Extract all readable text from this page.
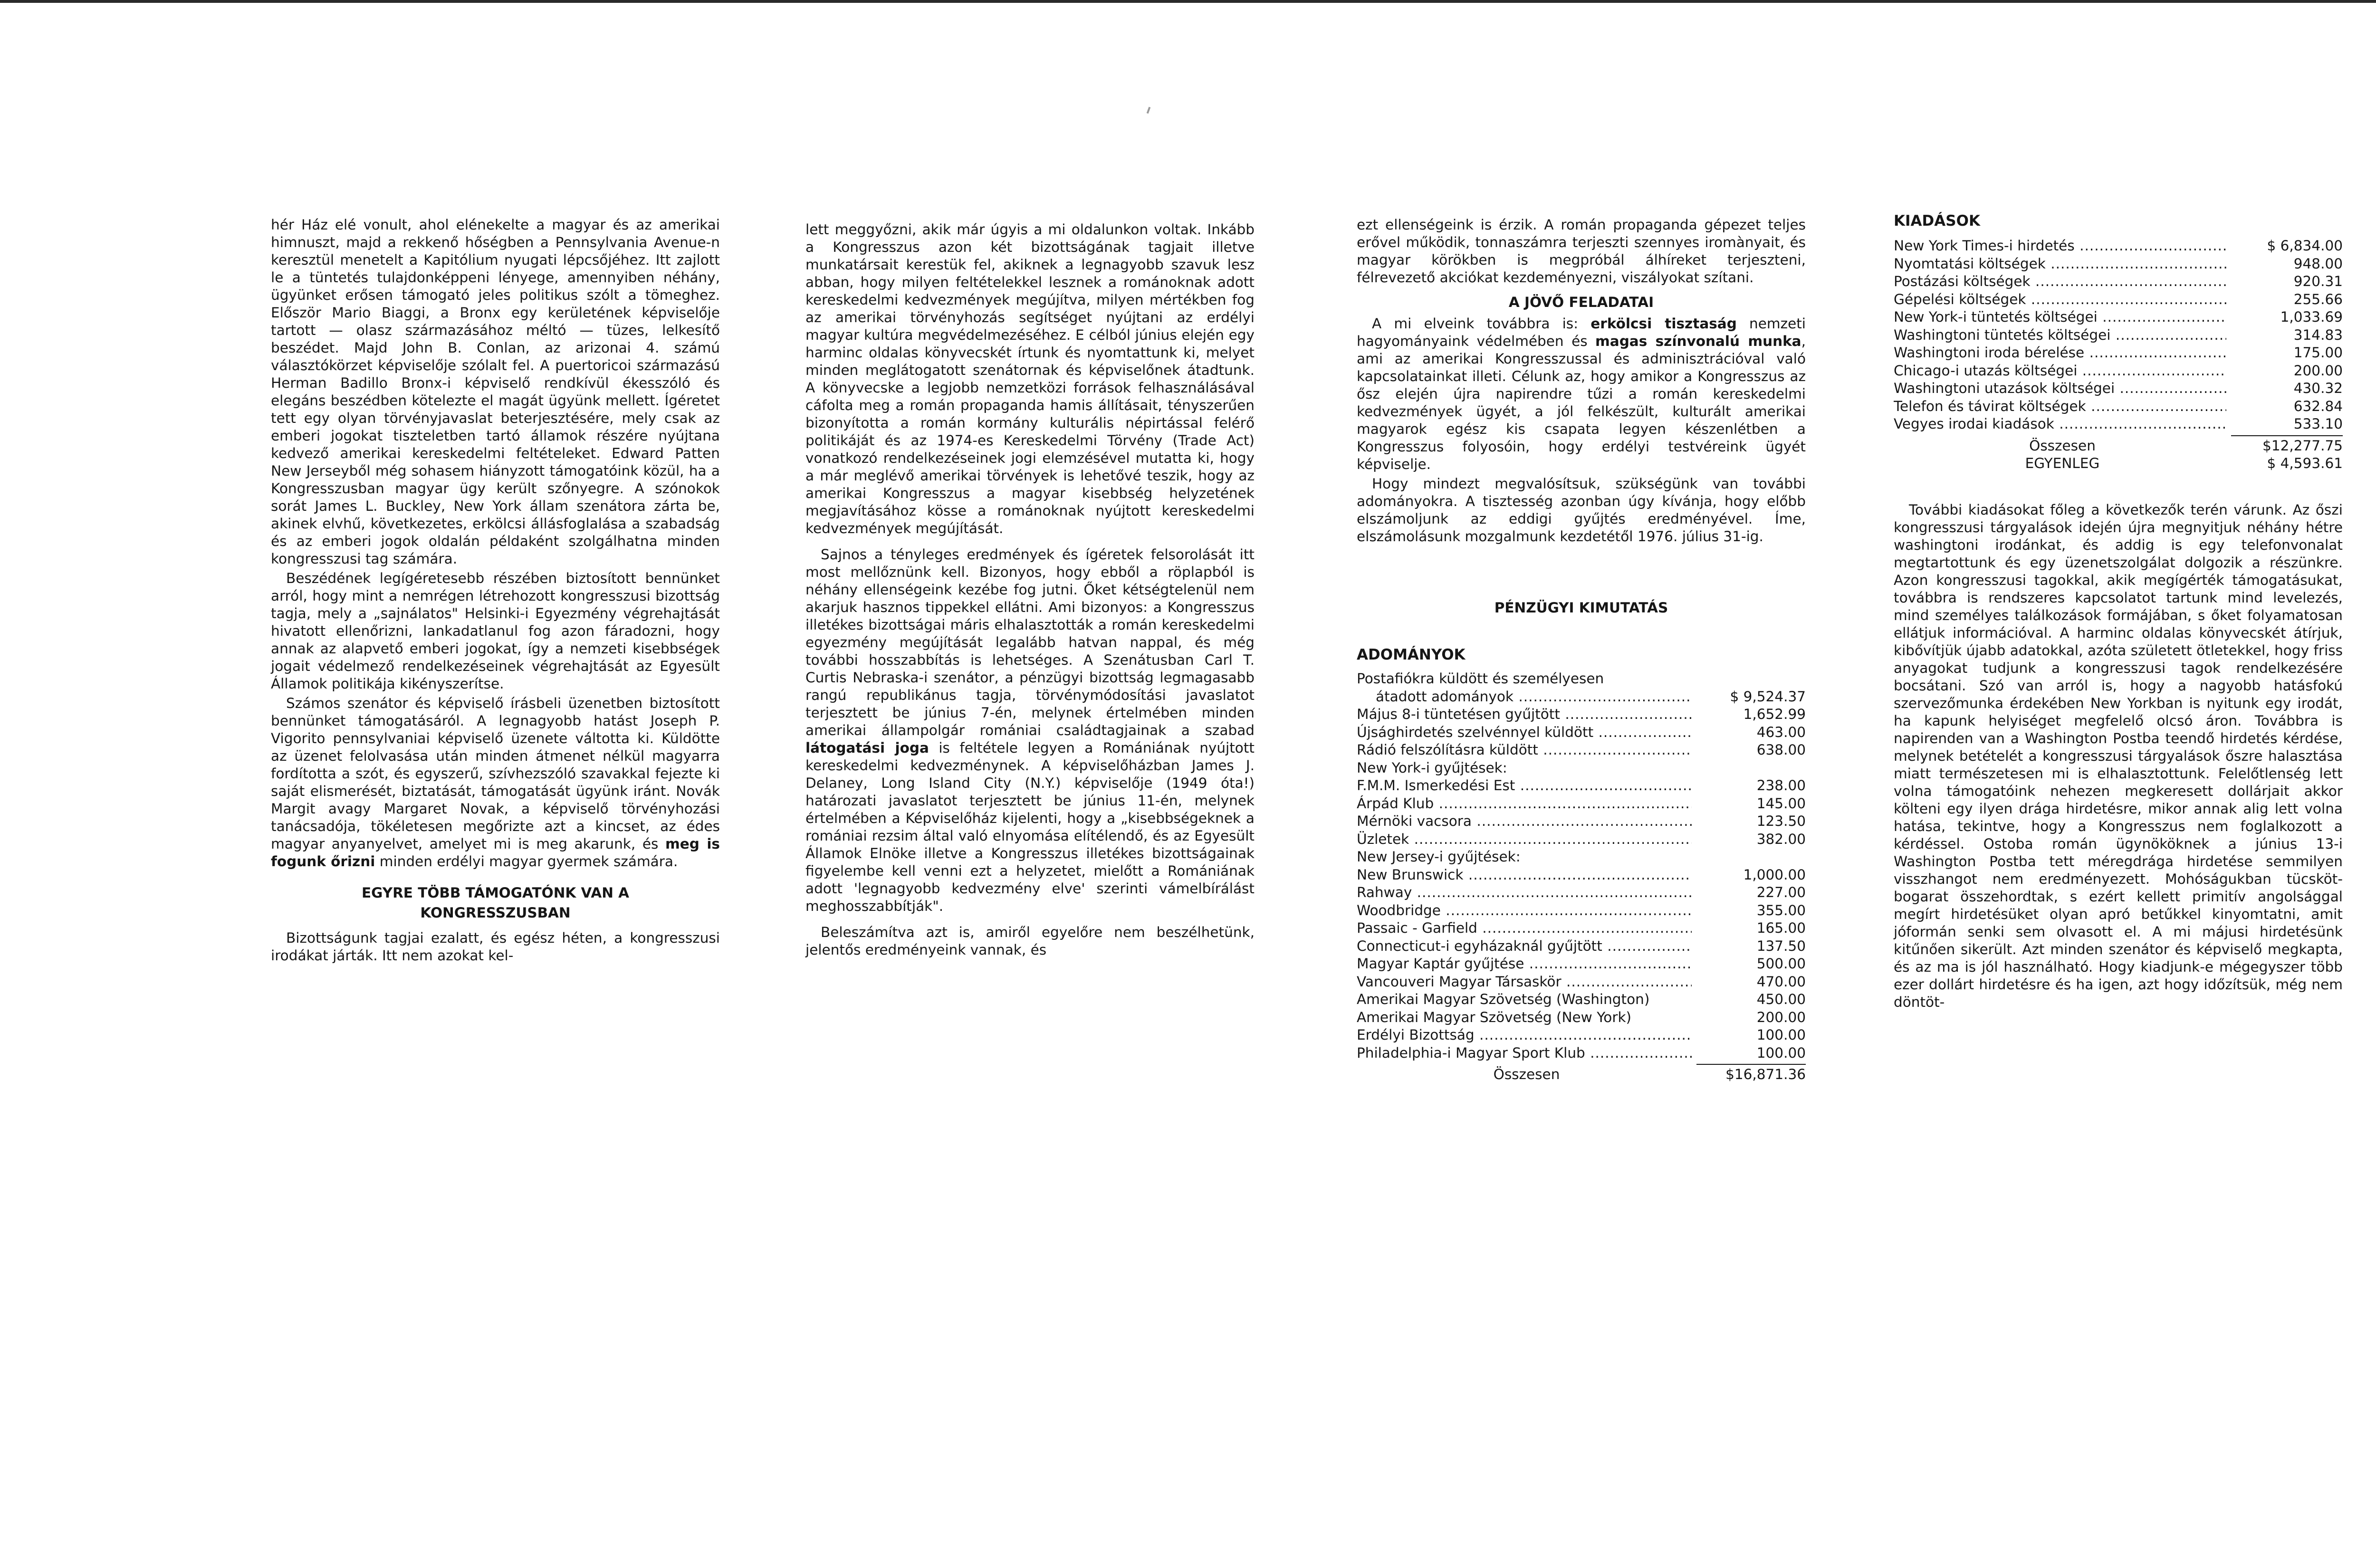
hér Ház elé vonult, ahol elénekelte a magyar és az amerikai himnuszt, majd a rekkenő hőségben a Pennsylvania Avenue-n keresztül menetelt a Kapitólium nyugati lépcsőjéhez. Itt zajlott le a tüntetés tulajdonképpeni lényege, amennyiben néhány, ügyünket erősen támogató jeles politikus szólt a tömeghez. Először Mario Biaggi, a Bronx egy kerületének képviselője tartott — olasz származásához méltó — tüzes, lelkesítő beszédet. Majd John B. Conlan, az arizonai 4. számú választókörzet képviselője szólalt fel. A puertoricoi származású Herman Badillo Bronx-i képviselő rendkívül ékesszóló és elegáns beszédben kötelezte el magát ügyünk mellett. Ígéretet tett egy olyan törvényjavaslat beterjesztésére, mely csak az emberi jogokat tiszteletben tartó államok részére nyújtana kedvező amerikai kereskedelmi feltételeket. Edward Patten New Jerseyből még sohasem hiányzott támogatóink közül, ha a Kongresszusban magyar ügy került szőnyegre. A szónokok sorát James L. Buckley, New York állam szenátora zárta be, akinek elvhű, következetes, erkölcsi állásfoglalása a szabadság és az emberi jogok oldalán példaként szolgálhatna minden kongresszusi tag számára.

Beszédének legígéretesebb részében biztosított bennünket arról, hogy mint a nemrégen létrehozott kongresszusi bizottság tagja, mely a „sajnálatos" Helsinki-i Egyezmény végrehajtását hivatott ellenőrizni, lankadatlanul fog azon fáradozni, hogy annak az alapvető emberi jogokat, így a nemzeti kisebbségek jogait védelmező rendelkezéseinek végrehajtását az Egyesült Államok politikája kikényszerítse.

Számos szenátor és képviselő írásbeli üzenetben biztosított bennünket támogatásáról. A legnagyobb hatást Joseph P. Vigorito pennsylvaniai képviselő üzenete váltotta ki. Küldötte az üzenet felolvasása után minden átmenet nélkül magyarra fordította a szót, és egyszerű, szívhezszóló szavakkal fejezte ki saját elismerését, biztatását, támogatását ügyünk iránt. Novák Margit avagy Margaret Novak, a képviselő törvényhozási tanácsadója, tökéletesen megőrizte azt a kincset, az édes magyar anyanyelvet, amelyet mi is meg akarunk, és meg is fogunk őrizni minden erdélyi magyar gyermek számára.

EGYRE TÖBB TÁMOGATÓNK VAN A
KONGRESSZUSBAN

Bizottságunk tagjai ezalatt, és egész héten, a kongresszusi irodákat járták. Itt nem azokat kel-

lett meggyőzni, akik már úgyis a mi oldalunkon voltak. Inkább a Kongresszus azon két bizottságának tagjait illetve munkatársait kerestük fel, akiknek a legnagyobb szavuk lesz abban, hogy milyen feltételekkel lesznek a románoknak adott kereskedelmi kedvezmények megújítva, milyen mértékben fog az amerikai törvényhozás segítséget nyújtani az erdélyi magyar kultúra megvédelmezéséhez. E célból június elején egy harminc oldalas könyvecskét írtunk és nyomtattunk ki, melyet minden meglátogatott szenátornak és képviselőnek átadtunk. A könyvecske a legjobb nemzetközi források felhasználásával cáfolta meg a román propaganda hamis állításait, tényszerűen bizonyította a román kormány kulturális népirtással felérő politikáját és az 1974-es Kereskedelmi Törvény (Trade Act) vonatkozó rendelkezéseinek jogi elemzésével mutatta ki, hogy a már meglévő amerikai törvények is lehetővé teszik, hogy az amerikai Kongresszus a magyar kisebbség helyzetének megjavításához kösse a románoknak nyújtott kereskedelmi kedvezmények megújítását.

Sajnos a tényleges eredmények és ígéretek felsorolását itt most mellőznünk kell. Bizonyos, hogy ebből a röplapból is néhány ellenségeink kezébe fog jutni. Őket kétségtelenül nem akarjuk hasznos tippekkel ellátni. Ami bizonyos: a Kongresszus illetékes bizottságai máris elhalasztották a román kereskedelmi egyezmény megújítását legalább hatvan nappal, és még további hosszabbítás is lehetséges. A Szenátusban Carl T. Curtis Nebraska-i szenátor, a pénzügyi bizottság legmagasabb rangú republikánus tagja, törvénymódosítási javaslatot terjesztett be június 7-én, melynek értelmében minden amerikai állampolgár romániai családtagjainak a szabad látogatási joga is feltétele legyen a Romániának nyújtott kereskedelmi kedvezménynek. A képviselőházban James J. Delaney, Long Island City (N.Y.) képviselője (1949 óta!) határozati javaslatot terjesztett be június 11-én, melynek értelmében a Képviselőház kijelenti, hogy a „kisebbségeknek a romániai rezsim által való elnyomása elítélendő, és az Egyesült Államok Elnöke illetve a Kongresszus illetékes bizottságainak figyelembe kell venni ezt a helyzetet, mielőtt a Romániának adott 'legnagyobb kedvezmény elve' szerinti vámelbírálást meghosszabbítják".

Beleszámítva azt is, amiről egyelőre nem beszélhetünk, jelentős eredményeink vannak, és

ezt ellenségeink is érzik. A román propaganda gépezet teljes erővel működik, tonnaszámra terjeszti szennyes iromànyait, és magyar körökben is megpróbál álhíreket terjeszteni, félrevezető akciókat kezdeményezni, viszályokat szítani.

A JÖVŐ FELADATAI

A mi elveink továbbra is: erkölcsi tisztaság nemzeti hagyományaink védelmében és magas színvonalú munka, ami az amerikai Kongresszussal és adminisztrációval való kapcsolatainkat illeti. Célunk az, hogy amikor a Kongresszus az ősz elején újra napirendre tűzi a román kereskedelmi kedvezmények ügyét, a jól felkészült, kulturált amerikai magyarok egész kis csapata legyen készenlétben a Kongresszus folyosóin, hogy erdélyi testvéreink ügyét képviselje.

Hogy mindezt megvalósítsuk, szükségünk van további adományokra. A tisztesség azonban úgy kívánja, hogy előbb elszámoljunk az eddigi gyűjtés eredményével. Íme, elszámolásunk mozgalmunk kezdetétől 1976. július 31-ig.

PÉNZÜGYI KIMUTATÁS
ADOMÁNYOK
Postafiókra küldött és személyesen
átadott adományok .....	$ 9,524.37
Május 8-i tüntetésen gyűjtött .....	1,652.99
Újsághirdetés szelvénnyel küldött .....	463.00
Rádió felszólításra küldött .....	638.00
New York-i gyűjtések:
F.M.M. Ismerkedési Est .....	238.00
Árpád Klub .....	145.00
Mérnöki vacsora .....	123.50
Üzletek .....	382.00
New Jersey-i gyűjtések:
New Brunswick .....	1,000.00
Rahway .....	227.00
Woodbridge .....	355.00
Passaic - Garfield .....	165.00
Connecticut-i egyházaknál gyűjtött .....	137.50
Magyar Kaptár gyűjtése .....	500.00
Vancouveri Magyar Társaskör .....	470.00
Amerikai Magyar Szövetség (Washington)	450.00
Amerikai Magyar Szövetség (New York)	200.00
Erdélyi Bizottság .....	100.00
Philadelphia-i Magyar Sport Klub .....	100.00
Összesen	$16,871.36
KIADÁSOK
New York Times-i hirdetés .....	$ 6,834.00
Nyomtatási költségek .....	948.00
Postázási költségek .....	920.31
Gépelési költségek .....	255.66
New York-i tüntetés költségei .....	1,033.69
Washingtoni tüntetés költségei .....	314.83
Washingtoni iroda bérelése .....	175.00
Chicago-i utazás költségei .....	200.00
Washingtoni utazások költségei .....	430.32
Telefon és távirat költségek .....	632.84
Vegyes irodai kiadások .....	533.10
Összesen	$12,277.75
EGYENLEG	$ 4,593.61

További kiadásokat főleg a következők terén várunk. Az őszi kongresszusi tárgyalások idején újra megnyitjuk néhány hétre washingtoni irodánkat, és addig is egy telefonvonalat megtartottunk és egy üzenetszolgálat dolgozik a részünkre. Azon kongresszusi tagokkal, akik megígérték támogatásukat, továbbra is rendszeres kapcsolatot tartunk mind levelezés, mind személyes találkozások formájában, s őket folyamatosan ellátjuk információval. A harminc oldalas könyvecskét átírjuk, kibővítjük újabb adatokkal, azóta született ötletekkel, hogy friss anyagokat tudjunk a kongresszusi tagok rendelkezésére bocsátani. Szó van arról is, hogy a nagyobb hatásfokú szervezőmunka érdekében New Yorkban is nyitunk egy irodát, ha kapunk helyiséget megfelelő olcsó áron. Továbbra is napirenden van a Washington Postba teendő hirdetés kérdése, melynek betételét a kongresszusi tárgyalások őszre halasztása miatt természetesen mi is elhalasztottunk. Felelőtlenség lett volna támogatóink nehezen megkeresett dollárjait akkor költeni egy ilyen drága hirdetésre, mikor annak alig lett volna hatása, tekintve, hogy a Kongresszus nem foglalkozott a kérdéssel. Ostoba román ügynököknek a június 13-i Washington Postba tett méregdrága hirdetése semmilyen visszhangot nem eredményezett. Mohóságukban tücsköt-bogarat összehordtak, s ezért kellett primitív angolsággal megírt hirdetésüket olyan apró betűkkel kinyomtatni, amit jóformán senki sem olvasott el. A mi májusi hirdetésünk kitűnően sikerült. Azt minden szenátor és képviselő megkapta, és az ma is jól használható. Hogy kiadjunk-e mégegyszer több ezer dollárt hirdetésre és ha igen, azt hogy időzítsük, még nem döntöt-
